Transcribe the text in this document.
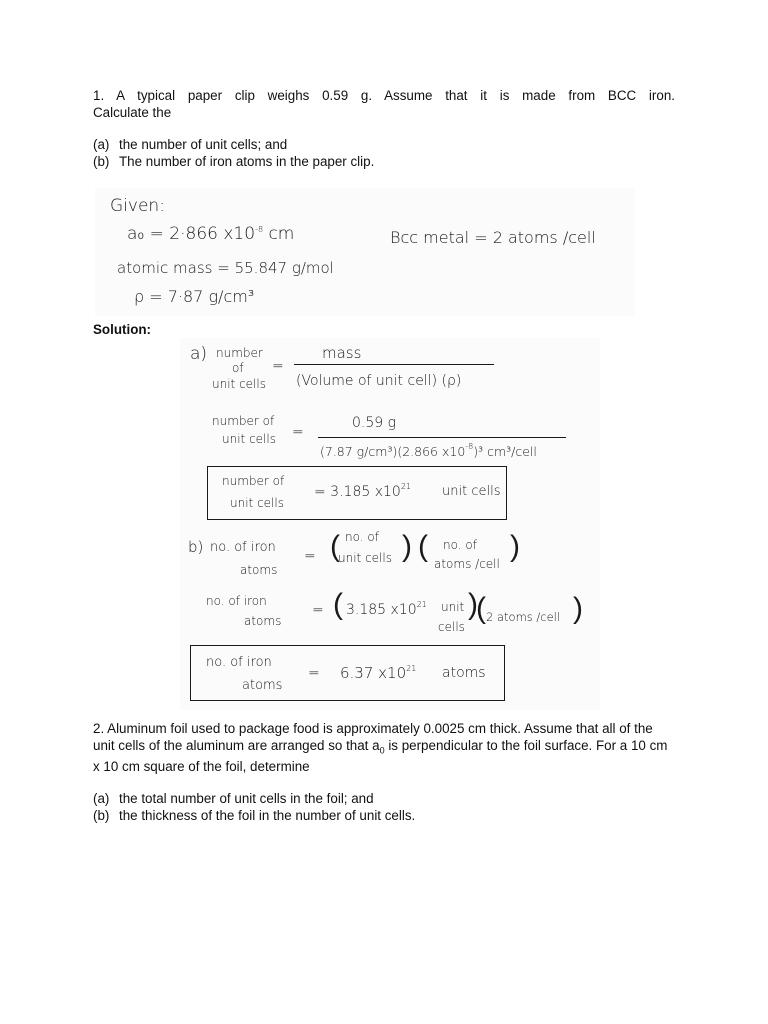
1. A typical paper clip weighs 0.59 g. Assume that it is made from BCC iron.
Calculate the
(a) the number of unit cells; and
(b) The number of iron atoms in the paper clip.
Given:
a₀ = 2·866 $x10^{-8}$ cm	Bcc metal = 2 atoms /cell
atomic mass = 55.847 g/mol
ρ = 7·87 g/cm³
Solution:
a) number
of
unit cells
=
mass
(Volume of unit cell) (ρ)
number of
unit cells =
0.59 g
(7.87 g/cm³)(2.866 $x10^{-8})^3$ cm³/cell
number of
unit cells
= 3.185 $x10^{21}$ unit cells
b) no. of iron
atoms
= ( no. of
unit cells ) ( no. of
atoms /cell
)
no. of iron
atoms
= ( 3.185 $x10^{21}$ unit
cells
)
( 2 atoms /cell )
no. of iron
atoms
= 6.37 $x10^{21}$ atoms
2. Aluminum foil used to package food is approximately 0.0025 cm thick. Assume that all of the unit cells of the aluminum are arranged so that $a_0$ is perpendicular to the foil surface. For a 10 cm x 10 cm square of the foil, determine
(a) the total number of unit cells in the foil; and
(b) the thickness of the foil in the number of unit cells.
